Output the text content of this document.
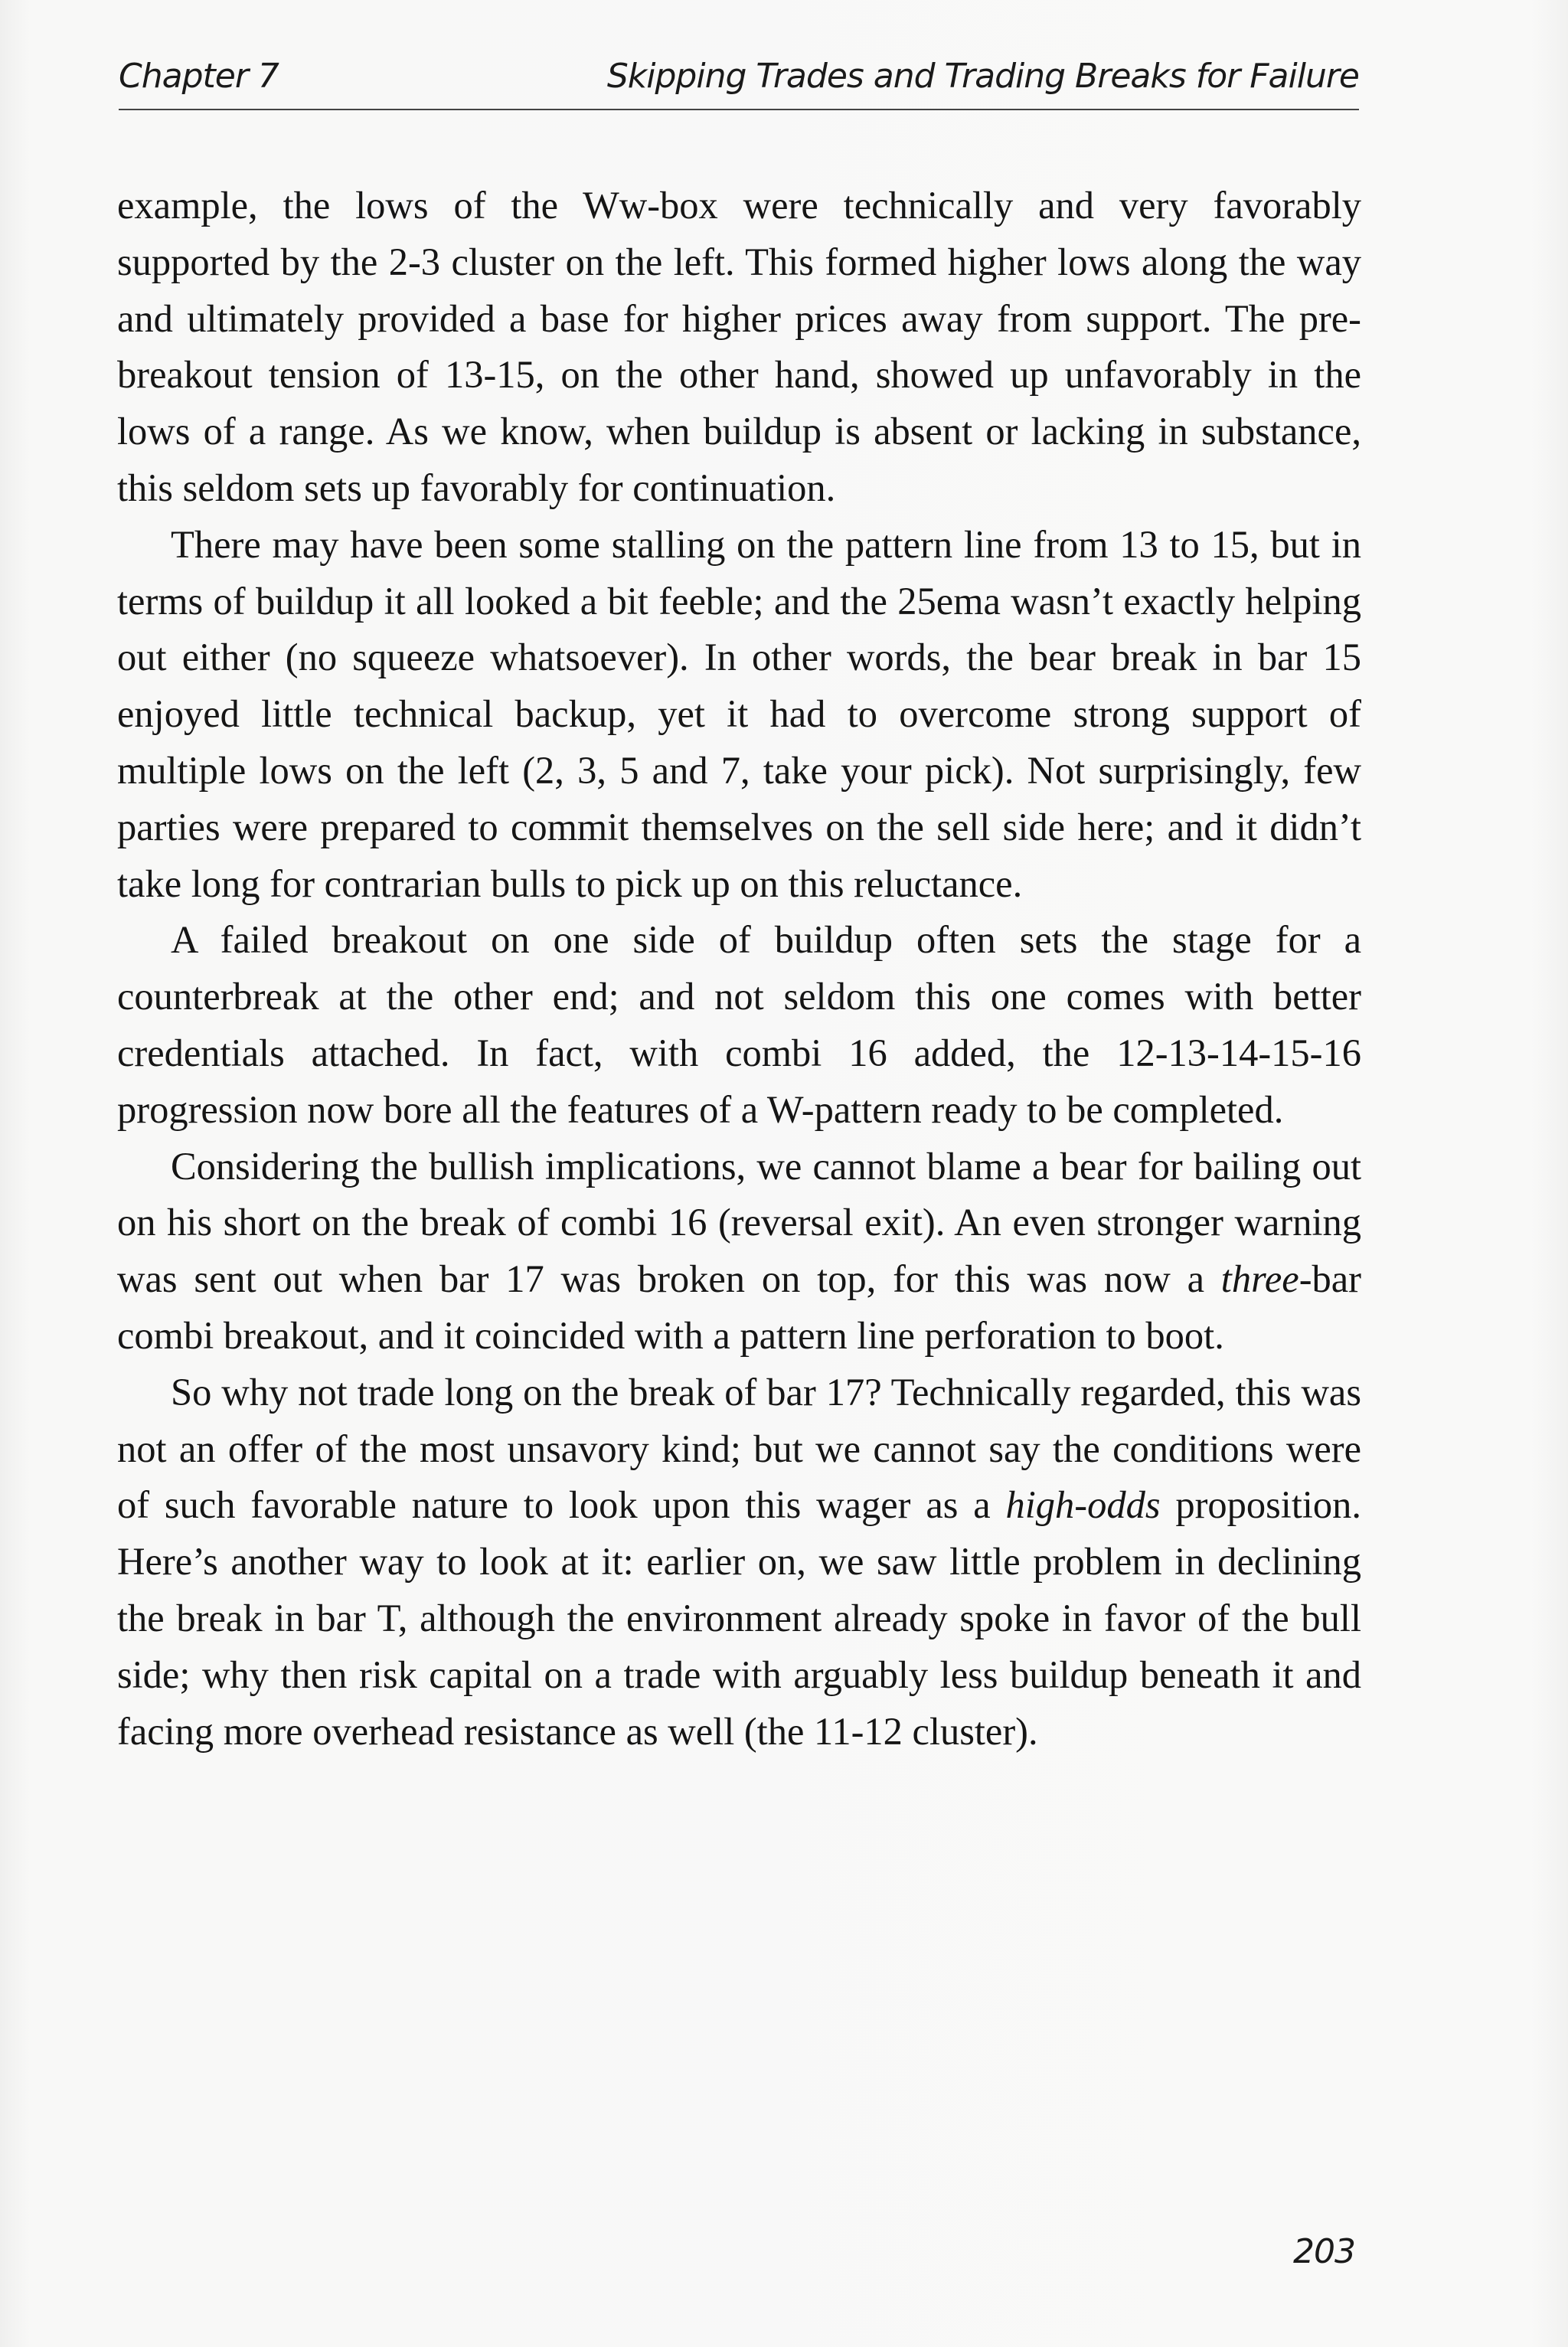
Chapter 7	Skipping Trades and Trading Breaks for Failure

example, the lows of the Ww-box were technically and very favorably supported by the 2-3 cluster on the left. This formed higher lows along the way and ultimately provided a base for higher prices away from support. The pre-breakout tension of 13-15, on the other hand, showed up unfavorably in the lows of a range. As we know, when buildup is absent or lacking in substance, this seldom sets up favorably for continuation.

There may have been some stalling on the pattern line from 13 to 15, but in terms of buildup it all looked a bit feeble; and the 25ema wasn’t exactly helping out either (no squeeze whatsoever). In other words, the bear break in bar 15 enjoyed little technical backup, yet it had to overcome strong support of multiple lows on the left (2, 3, 5 and 7, take your pick). Not surprisingly, few parties were prepared to commit themselves on the sell side here; and it didn’t take long for contrarian bulls to pick up on this reluctance.

A failed breakout on one side of buildup often sets the stage for a counterbreak at the other end; and not seldom this one comes with better credentials attached. In fact, with combi 16 added, the 12-13-14-15-16 progression now bore all the features of a W-pattern ready to be completed.

Considering the bullish implications, we cannot blame a bear for bailing out on his short on the break of combi 16 (reversal exit). An even stronger warning was sent out when bar 17 was broken on top, for this was now a three-bar combi breakout, and it coincided with a pattern line perforation to boot.

So why not trade long on the break of bar 17? Technically regarded, this was not an offer of the most unsavory kind; but we cannot say the conditions were of such favorable nature to look upon this wager as a high-odds proposition. Here’s another way to look at it: earlier on, we saw little problem in declining the break in bar T, although the environment already spoke in favor of the bull side; why then risk capital on a trade with arguably less buildup beneath it and facing more overhead resistance as well (the 11-12 cluster).

203
